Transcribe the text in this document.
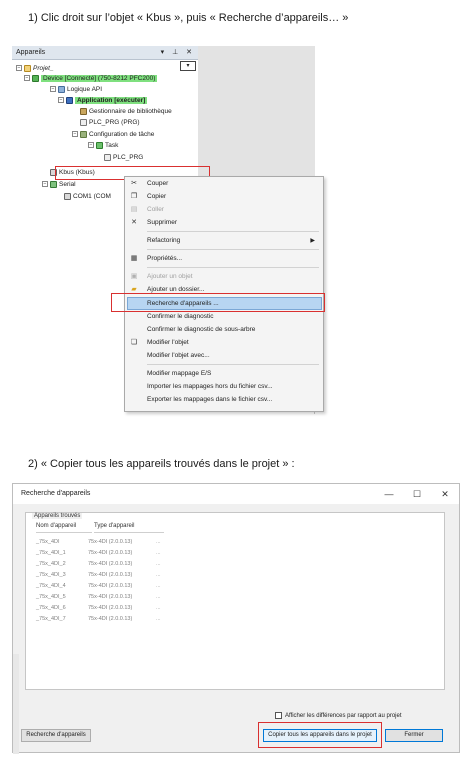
1) Clic droit sur l’objet « Kbus », puis « Recherche d’appareils… »
2) « Copier tous les appareils trouvés dans le projet » :
Appareils	▾ ⊥ ✕
▾
− Projet_
− Device [Connecté] (750-8212 PFC200)
− Logique API
− Application [exécuter]
Gestionnaire de bibliothèque
PLC_PRG (PRG)
− Configuration de tâche
− Task
PLC_PRG
Kbus (Kbus)
− Serial
COM1 (COM
✂ Couper
❐ Copier
▤ Coller
✕ Supprimer
Refactoring	▶
▦ Propriétés...
▣ Ajouter un objet
▰ Ajouter un dossier...
Recherche d'appareils ...
Confirmer le diagnostic
Confirmer le diagnostic de sous-arbre
❏ Modifier l'objet
Modifier l'objet avec...
Modifier mappage E/S
Importer les mappages hors du fichier csv...
Exporter les mappages dans le fichier csv...
Recherche d'appareils	— ☐ ✕
Appareils trouvés
Nom d'appareil	Type d'appareil
_75x_4DI	75x-4DI (2.0.0.13)	...
_75x_4DI_1	75x-4DI (2.0.0.13)	...
_75x_4DI_2	75x-4DI (2.0.0.13)	...
_75x_4DI_3	75x-4DI (2.0.0.13)	...
_75x_4DI_4	75x-4DI (2.0.0.13)	...
_75x_4DI_5	75x-4DI (2.0.0.13)	...
_75x_4DI_6	75x-4DI (2.0.0.13)	...
_75x_4DI_7	75x-4DI (2.0.0.13)	...
Afficher les différences par rapport au projet
Recherche d'appareils	Copier tous les appareils dans le projet	Fermer
